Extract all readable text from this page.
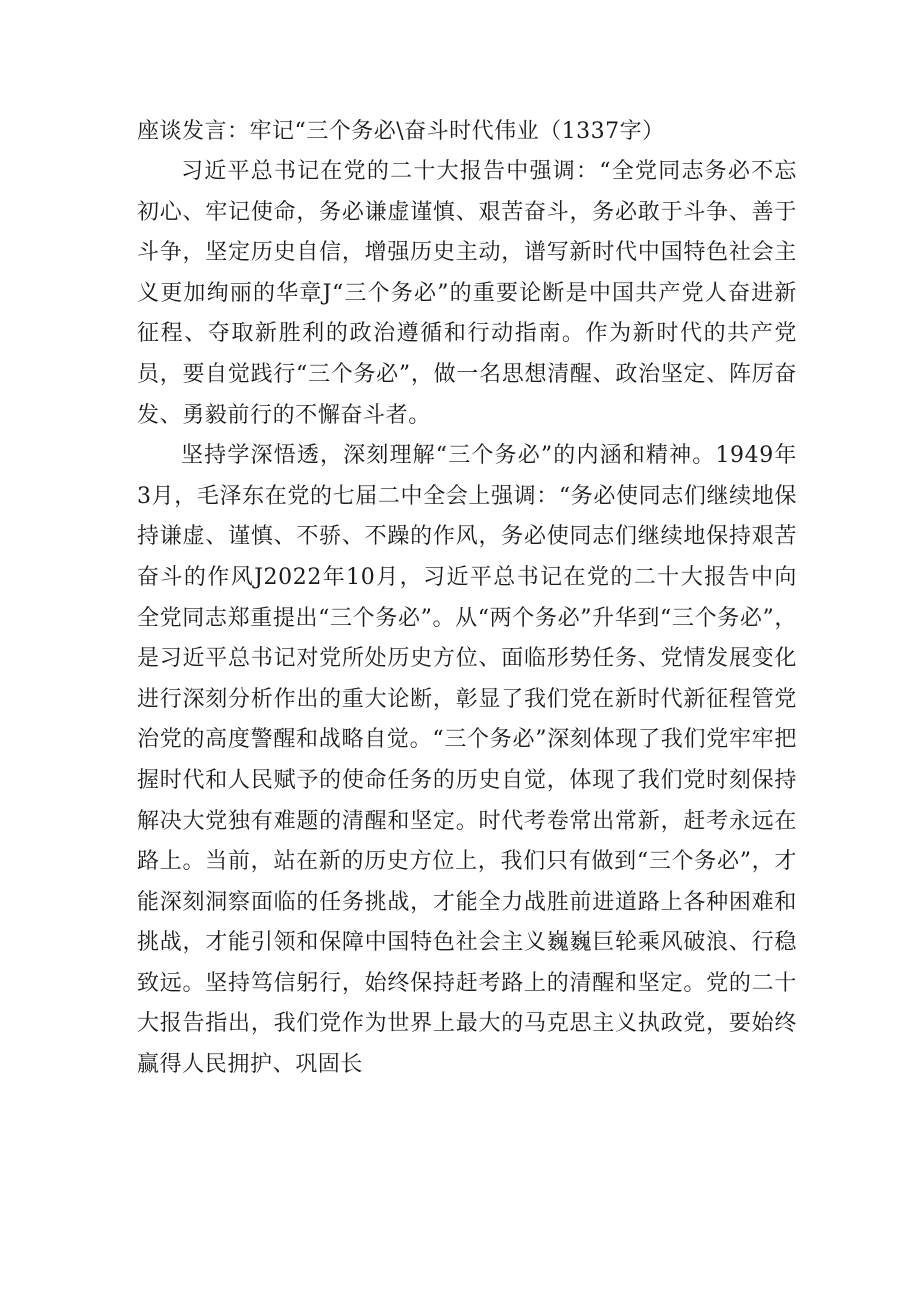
座谈发言：牢记“三个务必\奋斗时代伟业（1337字）

习近平总书记在党的二十大报告中强调：“全党同志务必不忘初心、牢记使命，务必谦虚谨慎、艰苦奋斗，务必敢于斗争、善于斗争，坚定历史自信，增强历史主动，谱写新时代中国特色社会主义更加绚丽的华章J“三个务必”的重要论断是中国共产党人奋进新征程、夺取新胜利的政治遵循和行动指南。作为新时代的共产党员，要自觉践行“三个务必”，做一名思想清醒、政治坚定、阵厉奋发、勇毅前行的不懈奋斗者。

坚持学深悟透，深刻理解“三个务必”的内涵和精神。1949年3月，毛泽东在党的七届二中全会上强调：“务必使同志们继续地保持谦虚、谨慎、不骄、不躁的作风，务必使同志们继续地保持艰苦奋斗的作风J2022年10月，习近平总书记在党的二十大报告中向全党同志郑重提出“三个务必”。从“两个务必”升华到“三个务必”，是习近平总书记对党所处历史方位、面临形势任务、党情发展变化进行深刻分析作出的重大论断，彰显了我们党在新时代新征程管党治党的高度警醒和战略自觉。“三个务必”深刻体现了我们党牢牢把握时代和人民赋予的使命任务的历史自觉，体现了我们党时刻保持解决大党独有难题的清醒和坚定。时代考卷常出常新，赶考永远在路上。当前，站在新的历史方位上，我们只有做到“三个务必”，才能深刻洞察面临的任务挑战，才能全力战胜前进道路上各种困难和挑战，才能引领和保障中国特色社会主义巍巍巨轮乘风破浪、行稳致远。坚持笃信躬行，始终保持赶考路上的清醒和坚定。党的二十大报告指出，我们党作为世界上最大的马克思主义执政党，要始终赢得人民拥护、巩固长
